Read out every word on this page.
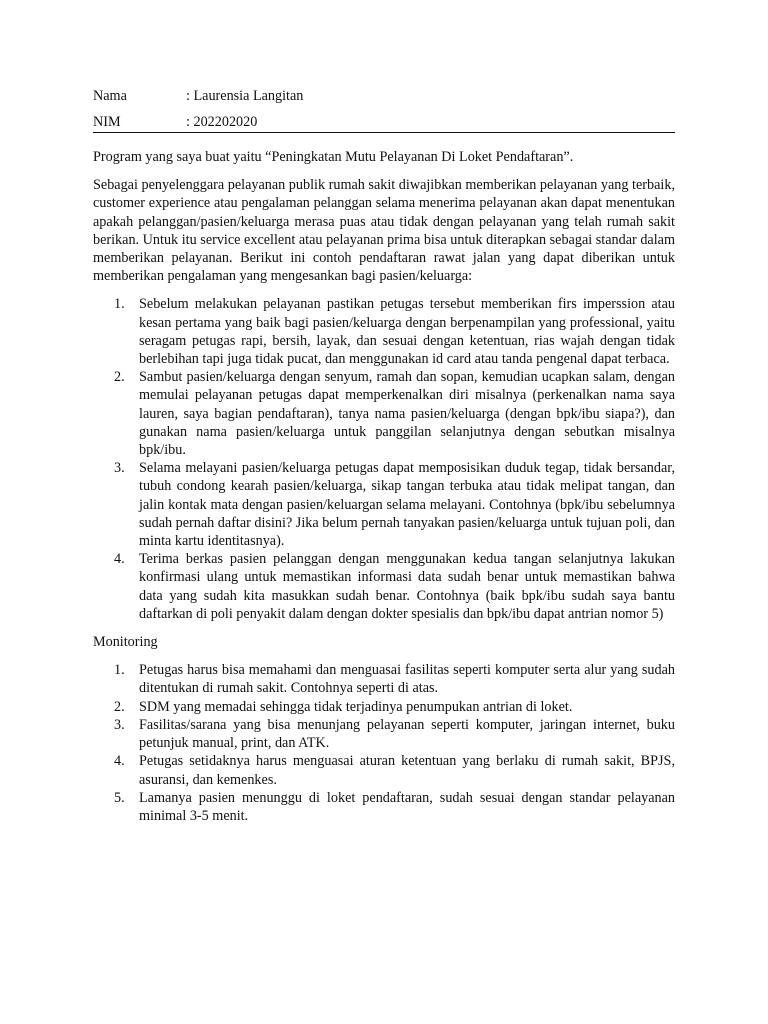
Nama	: Laurensia Langitan
NIM	: 202202020
Program yang saya buat yaitu “Peningkatan Mutu Pelayanan Di Loket Pendaftaran”.
Sebagai penyelenggara pelayanan publik rumah sakit diwajibkan memberikan pelayanan yang terbaik, customer experience atau pengalaman pelanggan selama menerima pelayanan akan dapat menentukan apakah pelanggan/pasien/keluarga merasa puas atau tidak dengan pelayanan yang telah rumah sakit berikan. Untuk itu service excellent atau pelayanan prima bisa untuk diterapkan sebagai standar dalam memberikan pelayanan. Berikut ini contoh pendaftaran rawat jalan yang dapat diberikan untuk memberikan pengalaman yang mengesankan bagi pasien/keluarga:
1. Sebelum melakukan pelayanan pastikan petugas tersebut memberikan firs imperssion atau kesan pertama yang baik bagi pasien/keluarga dengan berpenampilan yang professional, yaitu seragam petugas rapi, bersih, layak, dan sesuai dengan ketentuan, rias wajah dengan tidak berlebihan tapi juga tidak pucat, dan menggunakan id card atau tanda pengenal dapat terbaca.
2. Sambut pasien/keluarga dengan senyum, ramah dan sopan, kemudian ucapkan salam, dengan memulai pelayanan petugas dapat memperkenalkan diri misalnya (perkenalkan nama saya lauren, saya bagian pendaftaran), tanya nama pasien/keluarga (dengan bpk/ibu siapa?), dan gunakan nama pasien/keluarga untuk panggilan selanjutnya dengan sebutkan misalnya bpk/ibu.
3. Selama melayani pasien/keluarga petugas dapat memposisikan duduk tegap, tidak bersandar, tubuh condong kearah pasien/keluarga, sikap tangan terbuka atau tidak melipat tangan, dan jalin kontak mata dengan pasien/keluargan selama melayani. Contohnya (bpk/ibu sebelumnya sudah pernah daftar disini? Jika belum pernah tanyakan pasien/keluarga untuk tujuan poli, dan minta kartu identitasnya).
4. Terima berkas pasien pelanggan dengan menggunakan kedua tangan selanjutnya lakukan konfirmasi ulang untuk memastikan informasi data sudah benar untuk memastikan bahwa data yang sudah kita masukkan sudah benar. Contohnya (baik bpk/ibu sudah saya bantu daftarkan di poli penyakit dalam dengan dokter spesialis dan bpk/ibu dapat antrian nomor 5)
Monitoring
1. Petugas harus bisa memahami dan menguasai fasilitas seperti komputer serta alur yang sudah ditentukan di rumah sakit. Contohnya seperti di atas.
2. SDM yang memadai sehingga tidak terjadinya penumpukan antrian di loket.
3. Fasilitas/sarana yang bisa menunjang pelayanan seperti komputer, jaringan internet, buku petunjuk manual, print, dan ATK.
4. Petugas setidaknya harus menguasai aturan ketentuan yang berlaku di rumah sakit, BPJS, asuransi, dan kemenkes.
5. Lamanya pasien menunggu di loket pendaftaran, sudah sesuai dengan standar pelayanan minimal 3-5 menit.
